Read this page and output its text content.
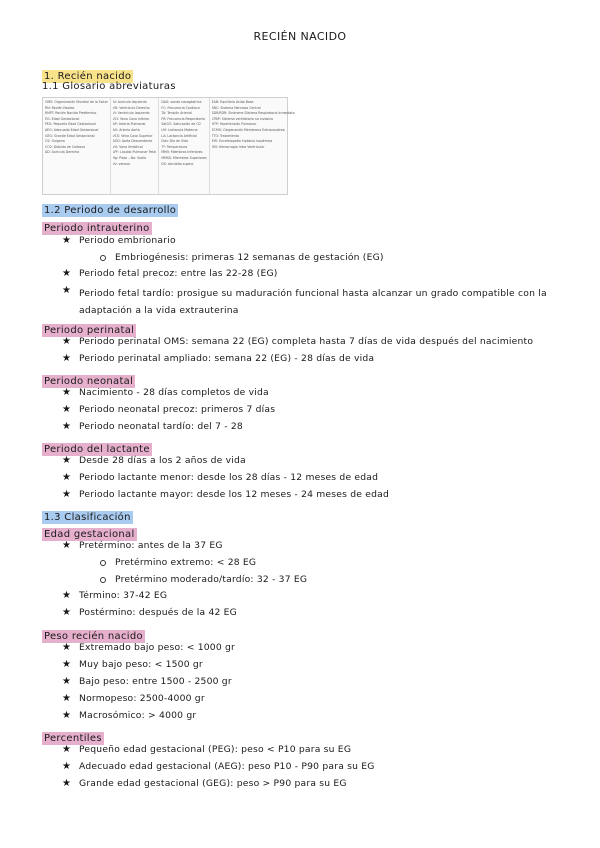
RECIÉN NACIDO
1. Recién nacido
1.1 Glosario abreviaturas
OMS: Organización Mundial de la Salud
RN: Recién Nacido
RNPT: Recién Nacido Pretérmino
EG: Edad Gestacional
PEG: Pequeño Edad Gestacional
AEG: Adecuado Edad Gestacional
GEG: Grande Edad Gestacional
O2: Oxígeno
CO2: Dióxido de Carbono
AD: Aurícula Derecha
AI: Aurícula Izquierda
VD: Ventrículo Derecho
VI: Ventrículo Izquierdo
VCI: Vena Cava Inferior
AP: Arteria Pulmonar
AO: Arteria Aorta
VCS: Vena Cava Superior
AOD: Aorta Descendente
VU: Vena Umbilical
LPF: Líquido Pulmonar Fetal
Hg: Plata – No: Sodio
Vv: venoso
DAG: sonda nasogástrica
FC: Frecuencia Cardiaca
TA: Tensión Arterial
FR: Frecuencia Respiratoria
SatO2: Saturación de O2
LM: Lactancia Materna
LA: Lactancia Artificial
Ddv: Día de Vida
Tª: Temperatura
MMII: Miembros Inferiores
MMSS: Miembros Superiores
DS: decúbito supino
EAB: Equilibrio Ácido Base
SNC: Sistema Nervioso Central
SDR/RDR: Síndrome Distress Respiratorio Inmediato
CPAP: Sistema ventilatorio no invasivo
HTP: Hipertensión Pulmonar
ECMO: Oxigenación Membrana Extracorpórea
TTO: Tratamiento
EHI: Encefalopatía hipóxico isquémica
HIV: Hemorragia Intra Ventricular
1.2 Periodo de desarrollo
Periodo intrauterino
★ Periodo embrionario
Embriogénesis: primeras 12 semanas de gestación (EG)
★ Periodo fetal precoz: entre las 22-28 (EG)
★ Periodo fetal tardío: prosigue su maduración funcional hasta alcanzar un grado compatible con la adaptación a la vida extrauterina
Periodo perinatal
★ Periodo perinatal OMS: semana 22 (EG) completa hasta 7 días de vida después del nacimiento
★ Periodo perinatal ampliado: semana 22 (EG) - 28 días de vida
Periodo neonatal
★ Nacimiento - 28 días completos de vida
★ Periodo neonatal precoz: primeros 7 días
★ Periodo neonatal tardío: del 7 - 28
Periodo del lactante
★ Desde 28 días a los 2 años de vida
★ Periodo lactante menor: desde los 28 días - 12 meses de edad
★ Periodo lactante mayor: desde los 12 meses - 24 meses de edad
1.3 Clasificación
Edad gestacional
★ Pretérmino: antes de la 37 EG
Pretérmino extremo: < 28 EG
Pretérmino moderado/tardío: 32 - 37 EG
★ Término: 37-42 EG
★ Postérmino: después de la 42 EG
Peso recién nacido
★ Extremado bajo peso: < 1000 gr
★ Muy bajo peso: < 1500 gr
★ Bajo peso: entre 1500 - 2500 gr
★ Normopeso: 2500-4000 gr
★ Macrosómico: > 4000 gr
Percentiles
★ Pequeño edad gestacional (PEG): peso < P10 para su EG
★ Adecuado edad gestacional (AEG): peso P10 - P90 para su EG
★ Grande edad gestacional (GEG): peso > P90 para su EG
